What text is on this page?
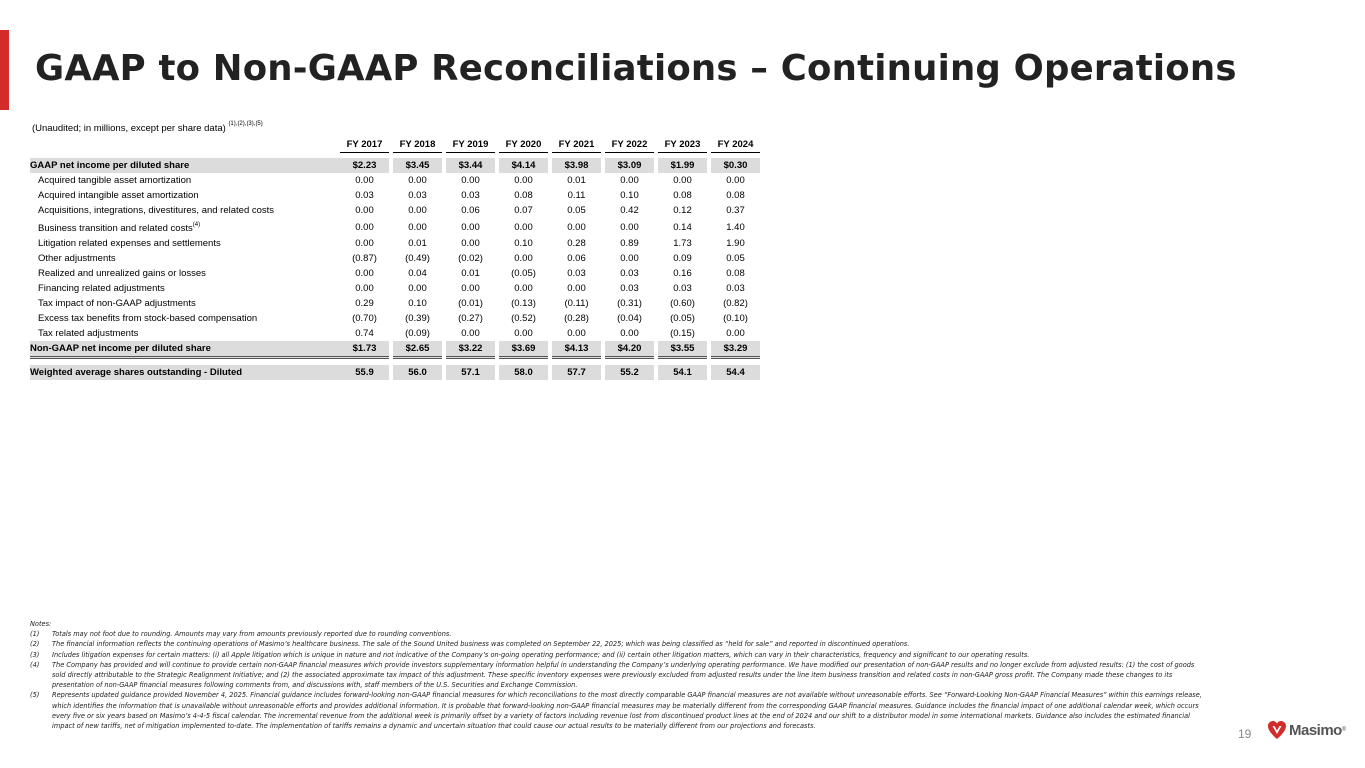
GAAP to Non-GAAP Reconciliations – Continuing Operations
(Unaudited; in millions, except per share data) $^{(1),(2),(3),(5)}$
	FY 2017		FY 2018		FY 2019		FY 2020		FY 2021		FY 2022		FY 2023		FY 2024

GAAP net income per diluted share	$2.23		$3.45		$3.44		$4.14		$3.98		$3.09		$1.99		$0.30
Acquired tangible asset amortization	0.00		0.00		0.00		0.00		0.01		0.00		0.00		0.00
Acquired intangible asset amortization	0.03		0.03		0.03		0.08		0.11		0.10		0.08		0.08
Acquisitions, integrations, divestitures, and related costs	0.00		0.00		0.06		0.07		0.05		0.42		0.12		0.37
Business transition and related costs$^{(4)}$	0.00		0.00		0.00		0.00		0.00		0.00		0.14		1.40
Litigation related expenses and settlements	0.00		0.01		0.00		0.10		0.28		0.89		1.73		1.90
Other adjustments	(0.87)		(0.49)		(0.02)		0.00		0.06		0.00		0.09		0.05
Realized and unrealized gains or losses	0.00		0.04		0.01		(0.05)		0.03		0.03		0.16		0.08
Financing related adjustments	0.00		0.00		0.00		0.00		0.00		0.03		0.03		0.03
Tax impact of non-GAAP adjustments	0.29		0.10		(0.01)		(0.13)		(0.11)		(0.31)		(0.60)		(0.82)
Excess tax benefits from stock-based compensation	(0.70)		(0.39)		(0.27)		(0.52)		(0.28)		(0.04)		(0.05)		(0.10)
Tax related adjustments	0.74		(0.09)		0.00		0.00		0.00		0.00		(0.15)		0.00
Non-GAAP net income per diluted share	$1.73		$2.65		$3.22		$3.69		$4.13		$4.20		$3.55		$3.29

Weighted average shares outstanding - Diluted	55.9		56.0		57.1		58.0		57.7		55.2		54.1		54.4
Notes:
(1)	Totals may not foot due to rounding. Amounts may vary from amounts previously reported due to rounding conventions.
(2)	The financial information reflects the continuing operations of Masimo’s healthcare business. The sale of the Sound United business was completed on September 22, 2025; which was being classified as “held for sale” and reported in discontinued operations.
(3)	Includes litigation expenses for certain matters: (i) all Apple litigation which is unique in nature and not indicative of the Company’s on-going operating performance; and (ii) certain other litigation matters, which can vary in their characteristics, frequency and significant to our operating results.
(4)	The Company has provided and will continue to provide certain non-GAAP financial measures which provide investors supplementary information helpful in understanding the Company’s underlying operating performance. We have modified our presentation of non-GAAP results and no longer exclude from adjusted results: (1) the cost of goods sold directly attributable to the Strategic Realignment Initiative; and (2) the associated approximate tax impact of this adjustment. These specific inventory expenses were previously excluded from adjusted results under the line item business transition and related costs in non-GAAP gross profit. The Company made these changes to its presentation of non-GAAP financial measures following comments from, and discussions with, staff members of the U.S. Securities and Exchange Commission.
(5)	Represents updated guidance provided November 4, 2025. Financial guidance includes forward-looking non-GAAP financial measures for which reconciliations to the most directly comparable GAAP financial measures are not available without unreasonable efforts. See “Forward-Looking Non-GAAP Financial Measures” within this earnings release, which identifies the information that is unavailable without unreasonable efforts and provides additional information. It is probable that forward-looking non-GAAP financial measures may be materially different from the corresponding GAAP financial measures. Guidance includes the financial impact of one additional calendar week, which occurs every five or six years based on Masimo’s 4-4-5 fiscal calendar. The incremental revenue from the additional week is primarily offset by a variety of factors including revenue lost from discontinued product lines at the end of 2024 and our shift to a distributor model in some international markets. Guidance also includes the estimated financial impact of new tariffs, net of mitigation implemented to-date. The implementation of tariffs remains a dynamic and uncertain situation that could cause our actual results to be materially different from our projections and forecasts.
19	Masimo ®
